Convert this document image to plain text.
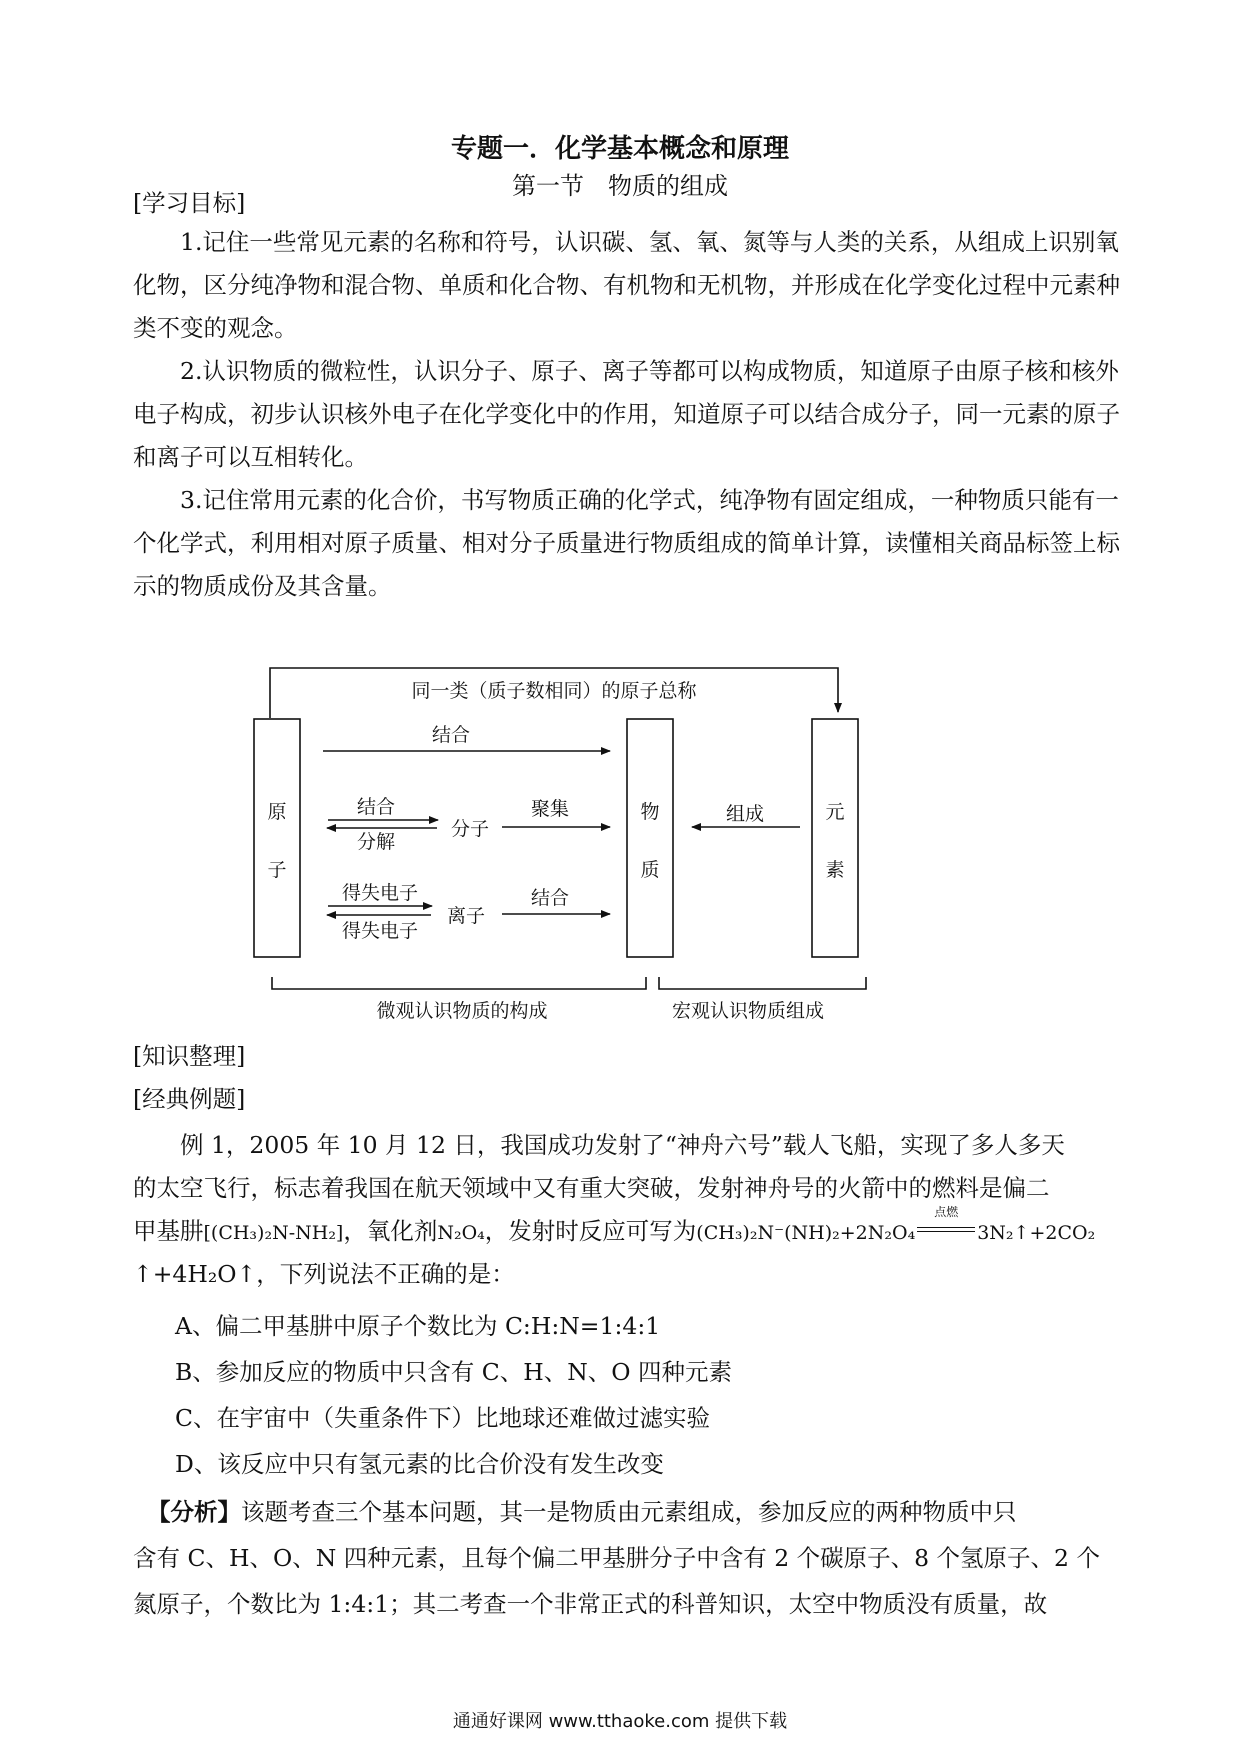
专题一．化学基本概念和原理
第一节　物质的组成
[学习目标]
1.记住一些常见元素的名称和符号，认识碳、氢、氧、氮等与人类的关系，从组成上识别氧化物，区分纯净物和混合物、单质和化合物、有机物和无机物，并形成在化学变化过程中元素种类不变的观念。
2.认识物质的微粒性，认识分子、原子、离子等都可以构成物质，知道原子由原子核和核外电子构成，初步认识核外电子在化学变化中的作用，知道原子可以结合成分子，同一元素的原子和离子可以互相转化。
3.记住常用元素的化合价，书写物质正确的化学式，纯净物有固定组成，一种物质只能有一个化学式，利用相对原子质量、相对分子质量进行物质组成的简单计算，读懂相关商品标签上标示的物质成份及其含量。
同一类（质子数相同）的原子总称
原
子
物
质
元
素
结合
结合
分解
分子
聚集	组成
得失电子
得失电子
离子
结合
微观认识物质的构成	宏观认识物质组成
[知识整理]
[经典例题]
例 1，2005 年 10 月 12 日，我国成功发射了“神舟六号”载人飞船，实现了多人多天
的太空飞行，标志着我国在航天领域中又有重大突破，发射神舟号的火箭中的燃料是偏二
甲基肼[(CH₃)₂N-NH₂]，氧化剂N₂O₄，发射时反应可写为(CH₃)₂N⁻(NH)₂+2N₂O₄
点燃
3N₂↑+2CO₂
↑+4H₂O↑，下列说法不正确的是：
A、偏二甲基肼中原子个数比为 C:H:N=1:4:1
B、参加反应的物质中只含有 C、H、N、O 四种元素
C、在宇宙中（失重条件下）比地球还难做过滤实验
D、该反应中只有氢元素的比合价没有发生改变
【分析】该题考查三个基本问题，其一是物质由元素组成，参加反应的两种物质中只
含有 C、H、O、N 四种元素，且每个偏二甲基肼分子中含有 2 个碳原子、8 个氢原子、2 个
氮原子，个数比为 1:4:1；其二考查一个非常正式的科普知识，太空中物质没有质量，故
通通好课网 www.tthaoke.com 提供下载
